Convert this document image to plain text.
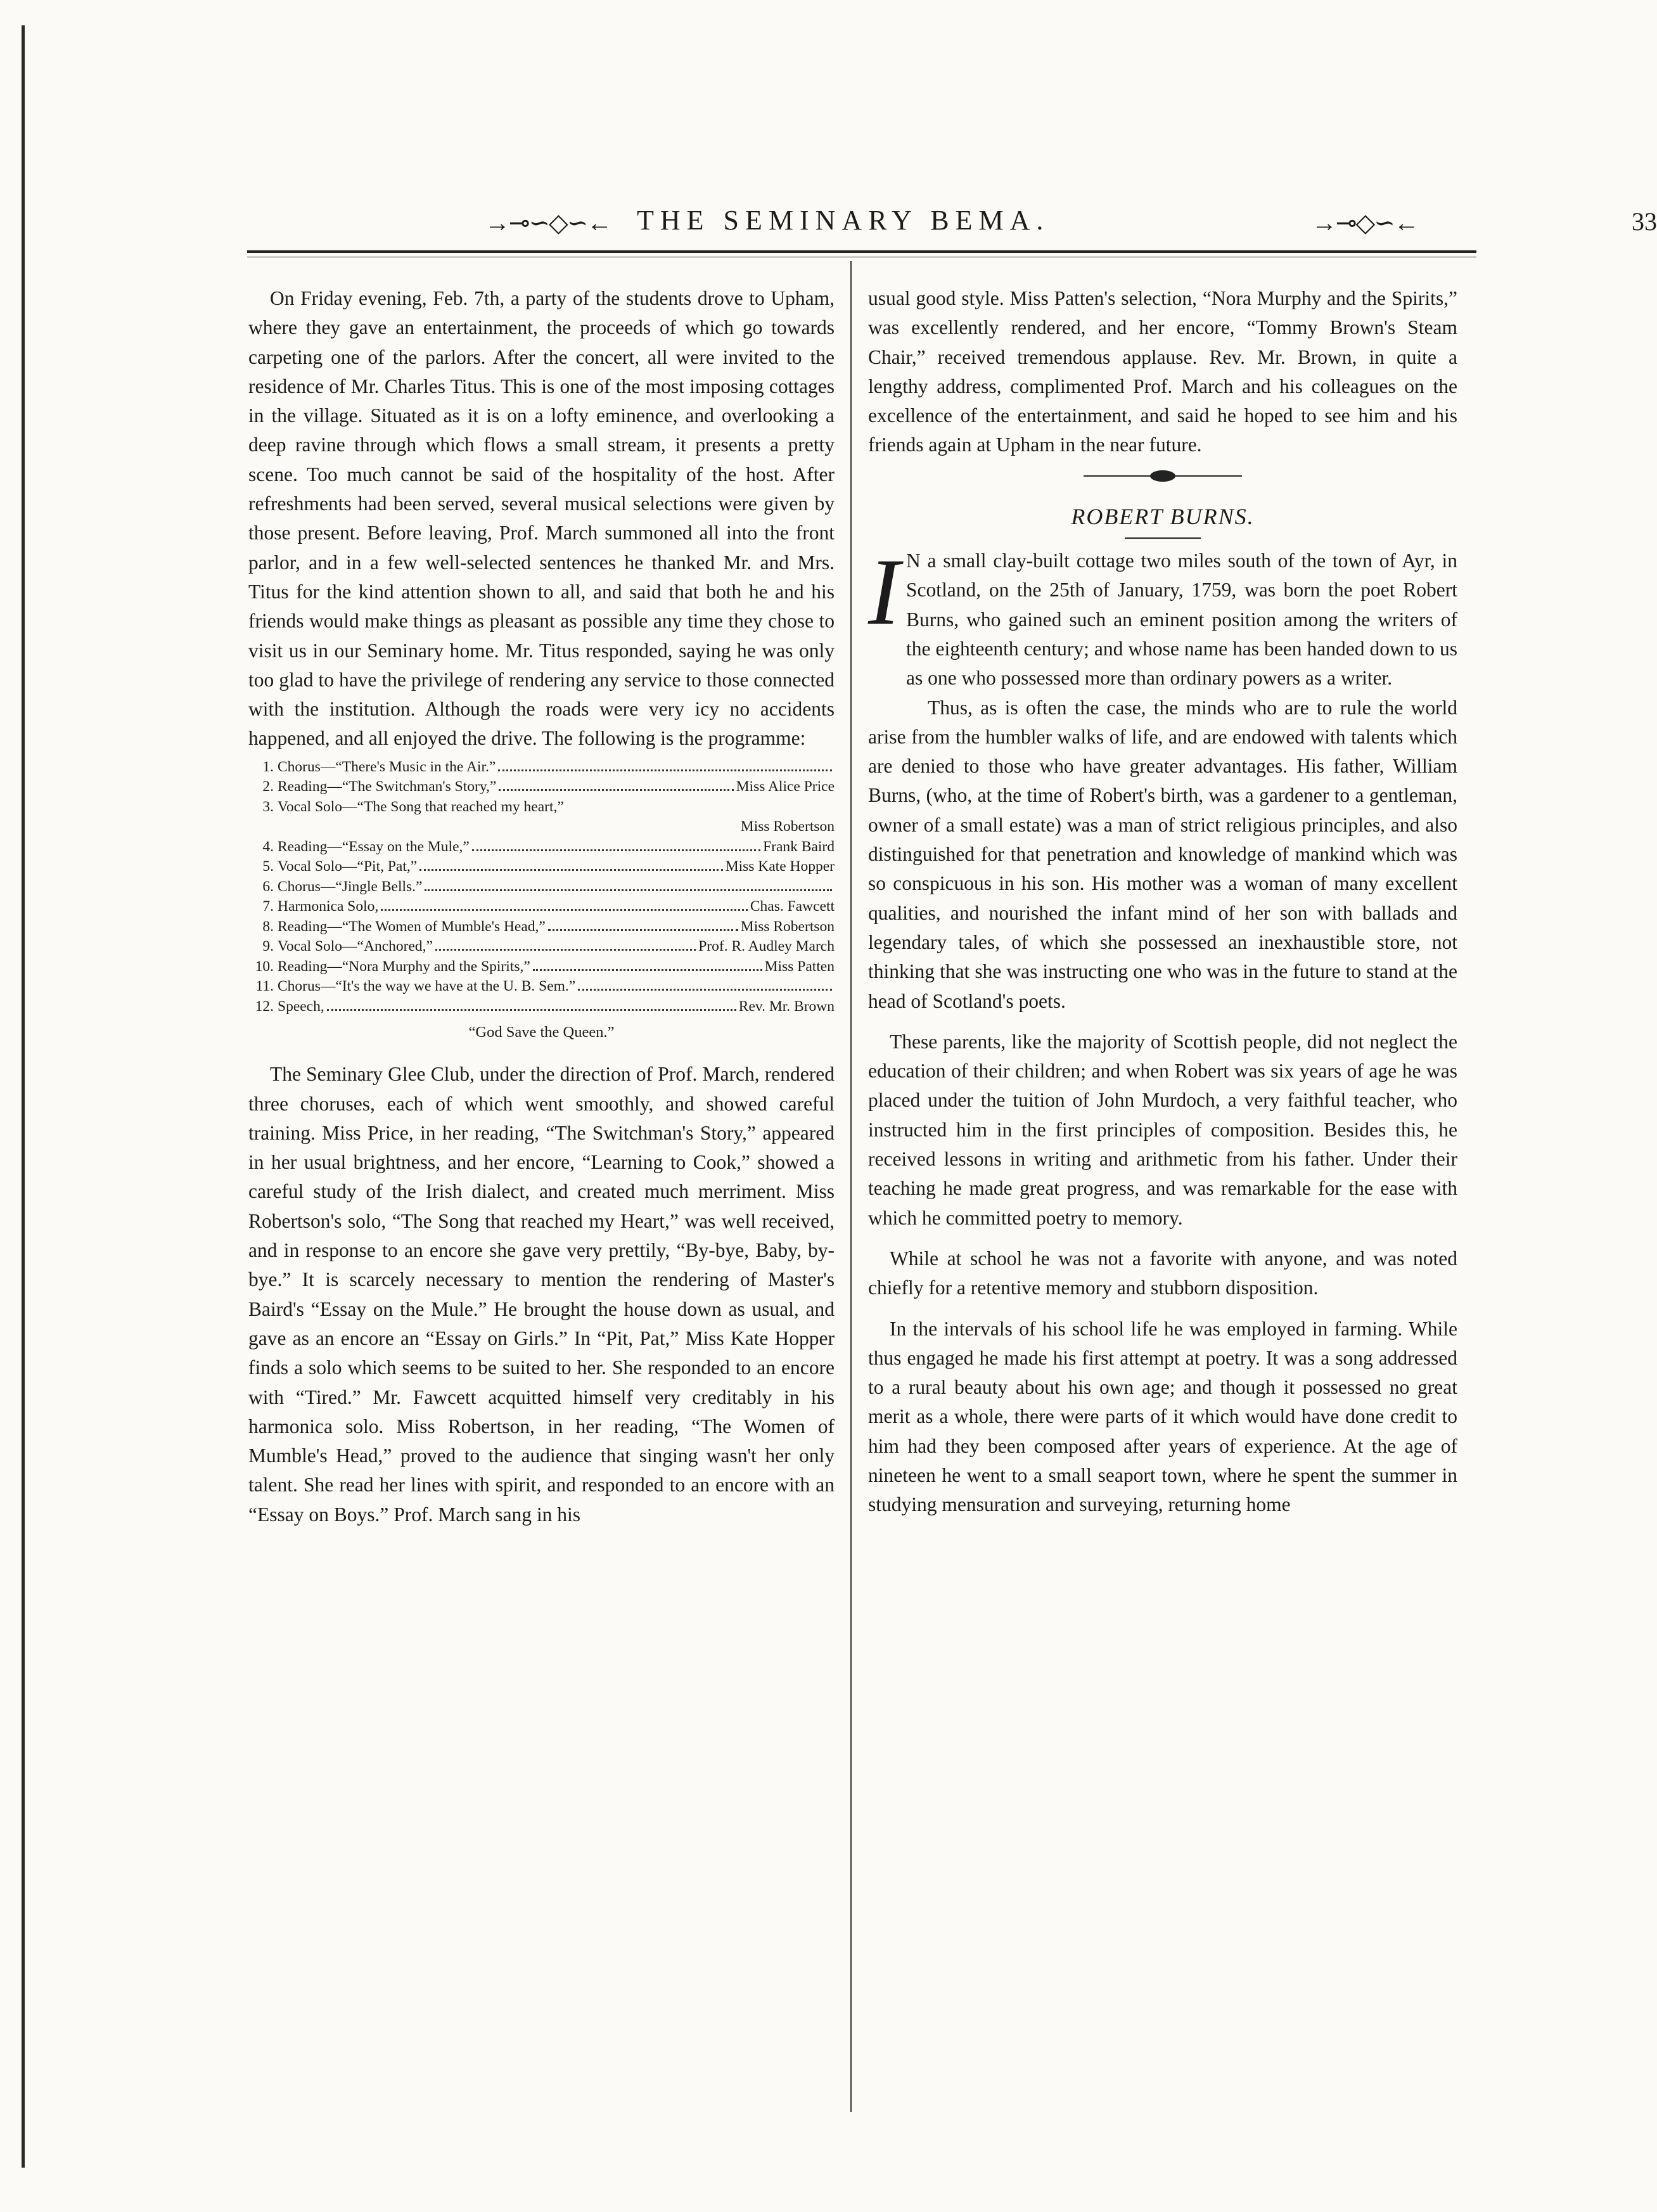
→⊸∽◇∽← THE SEMINARY BEMA.	→⊸◇∽←	33

On Friday evening, Feb. 7th, a party of the students drove to Upham, where they gave an entertainment, the proceeds of which go towards carpeting one of the parlors. After the concert, all were invited to the residence of Mr. Charles Titus. This is one of the most imposing cottages in the village. Situated as it is on a lofty eminence, and overlooking a deep ravine through which flows a small stream, it presents a pretty scene. Too much cannot be said of the hospitality of the host. After refreshments had been served, several musical selections were given by those present. Before leaving, Prof. March summoned all into the front parlor, and in a few well-selected sentences he thanked Mr. and Mrs. Titus for the kind attention shown to all, and said that both he and his friends would make things as pleasant as possible any time they chose to visit us in our Seminary home. Mr. Titus responded, saying he was only too glad to have the privilege of rendering any service to those connected with the institution. Although the roads were very icy no accidents happened, and all enjoyed the drive. The following is the programme:

1. Chorus—“There's Music in the Air.”
2. Reading—“The Switchman's Story,”	Miss Alice Price
3. Vocal Solo—“The Song that reached my heart,”
Miss Robertson
4. Reading—“Essay on the Mule,”	Frank Baird
5. Vocal Solo—“Pit, Pat,”	Miss Kate Hopper
6. Chorus—“Jingle Bells.”
7. Harmonica Solo,	Chas. Fawcett
8. Reading—“The Women of Mumble's Head,”	Miss Robertson
9. Vocal Solo—“Anchored,”	Prof. R. Audley March
10. Reading—“Nora Murphy and the Spirits,”	Miss Patten
11. Chorus—“It's the way we have at the U. B. Sem.”
12. Speech,	Rev. Mr. Brown
“God Save the Queen.”

The Seminary Glee Club, under the direction of Prof. March, rendered three choruses, each of which went smoothly, and showed careful training. Miss Price, in her reading, “The Switchman's Story,” appeared in her usual brightness, and her encore, “Learning to Cook,” showed a careful study of the Irish dialect, and created much merriment. Miss Robertson's solo, “The Song that reached my Heart,” was well received, and in response to an encore she gave very prettily, “By-bye, Baby, by-bye.” It is scarcely necessary to mention the rendering of Master's Baird's “Essay on the Mule.” He brought the house down as usual, and gave as an encore an “Essay on Girls.” In “Pit, Pat,” Miss Kate Hopper finds a solo which seems to be suited to her. She responded to an encore with “Tired.” Mr. Fawcett acquitted himself very creditably in his harmonica solo. Miss Robertson, in her reading, “The Women of Mumble's Head,” proved to the audience that singing wasn't her only talent. She read her lines with spirit, and responded to an encore with an “Essay on Boys.” Prof. March sang in his

usual good style. Miss Patten's selection, “Nora Murphy and the Spirits,” was excellently rendered, and her encore, “Tommy Brown's Steam Chair,” received tremendous applause. Rev. Mr. Brown, in quite a lengthy address, complimented Prof. March and his colleagues on the excellence of the entertainment, and said he hoped to see him and his friends again at Upham in the near future.

ROBERT BURNS.

I N a small clay-built cottage two miles south of the town of Ayr, in Scotland, on the 25th of January, 1759, was born the poet Robert Burns, who gained such an eminent position among the writers of the eighteenth century; and whose name has been handed down to us as one who possessed more than ordinary powers as a writer.

Thus, as is often the case, the minds who are to rule the world arise from the humbler walks of life, and are endowed with talents which are denied to those who have greater advantages. His father, William Burns, (who, at the time of Robert's birth, was a gardener to a gentleman, owner of a small estate) was a man of strict religious principles, and also distinguished for that penetration and knowledge of mankind which was so conspicuous in his son. His mother was a woman of many excellent qualities, and nourished the infant mind of her son with ballads and legendary tales, of which she possessed an inexhaustible store, not thinking that she was instructing one who was in the future to stand at the head of Scotland's poets.

These parents, like the majority of Scottish people, did not neglect the education of their children; and when Robert was six years of age he was placed under the tuition of John Murdoch, a very faithful teacher, who instructed him in the first principles of composition. Besides this, he received lessons in writing and arithmetic from his father. Under their teaching he made great progress, and was remarkable for the ease with which he committed poetry to memory.

While at school he was not a favorite with anyone, and was noted chiefly for a retentive memory and stubborn disposition.

In the intervals of his school life he was employed in farming. While thus engaged he made his first attempt at poetry. It was a song addressed to a rural beauty about his own age; and though it possessed no great merit as a whole, there were parts of it which would have done credit to him had they been composed after years of experience. At the age of nineteen he went to a small seaport town, where he spent the summer in studying mensuration and surveying, returning home
